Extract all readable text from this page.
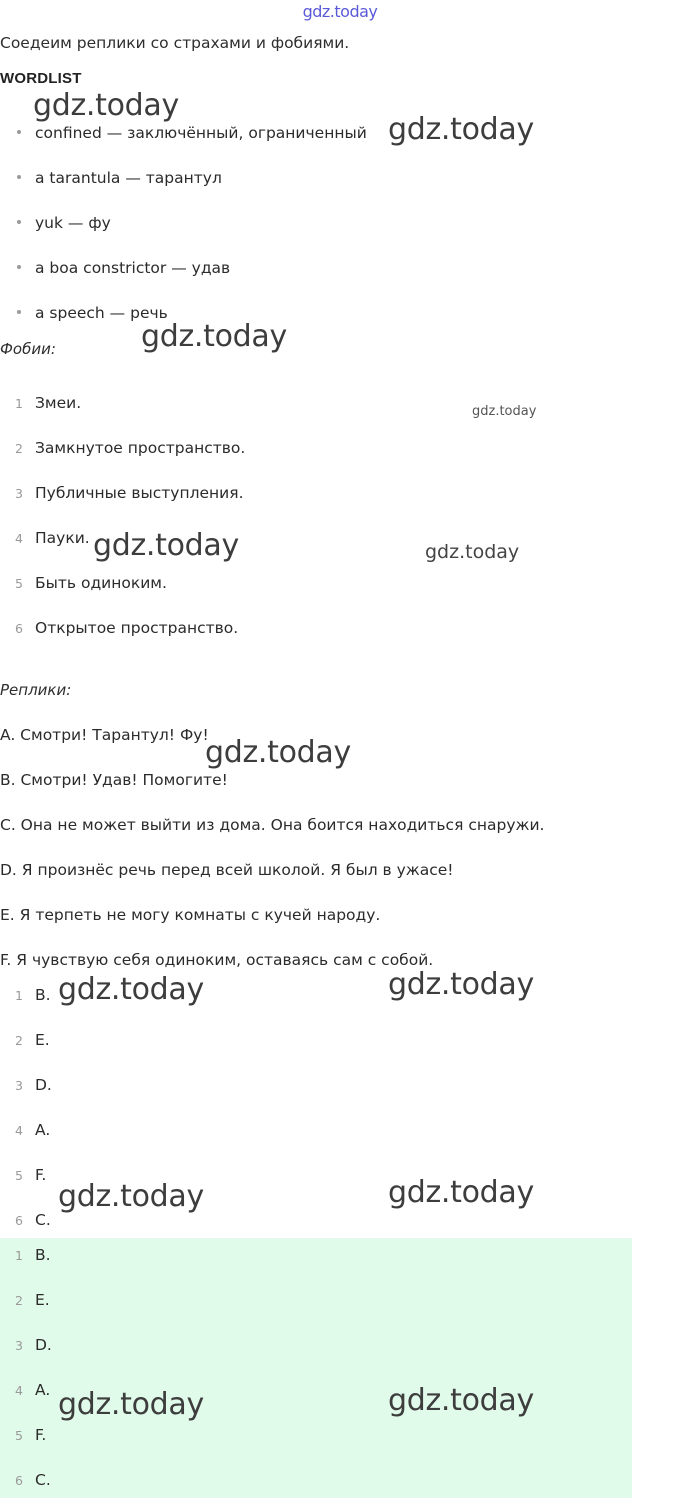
gdz.today
Соедеим реплики со страхами и фобиями.
WORDLIST
confined — заключённый, ограниченный
a tarantula — тарантул
yuk — фу
a boa constrictor — удав
a speech — речь
Фобии:
1 Змеи.
2 Замкнутое пространство.
3 Публичные выступления.
4 Пауки.
5 Быть одиноким.
6 Открытое пространство.
Реплики:
A. Смотри! Тарантул! Фу!
B. Смотри! Удав! Помогите!
C. Она не может выйти из дома. Она боится находиться снаружи.
D. Я произнёс речь перед всей школой. Я был в ужасе!
E. Я терпеть не могу комнаты с кучей народу.
F. Я чувствую себя одиноким, оставаясь сам с собой.
1 B.
2 E.
3 D.
4 A.
5 F.
6 C.
1 B.
2 E.
3 D.
4 A.
5 F.
6 C.
gdz.today
gdz.today
gdz.today
gdz.today
gdz.today	gdz.today
gdz.today
gdz.today	gdz.today
gdz.today	gdz.today
gdz.today	gdz.today
